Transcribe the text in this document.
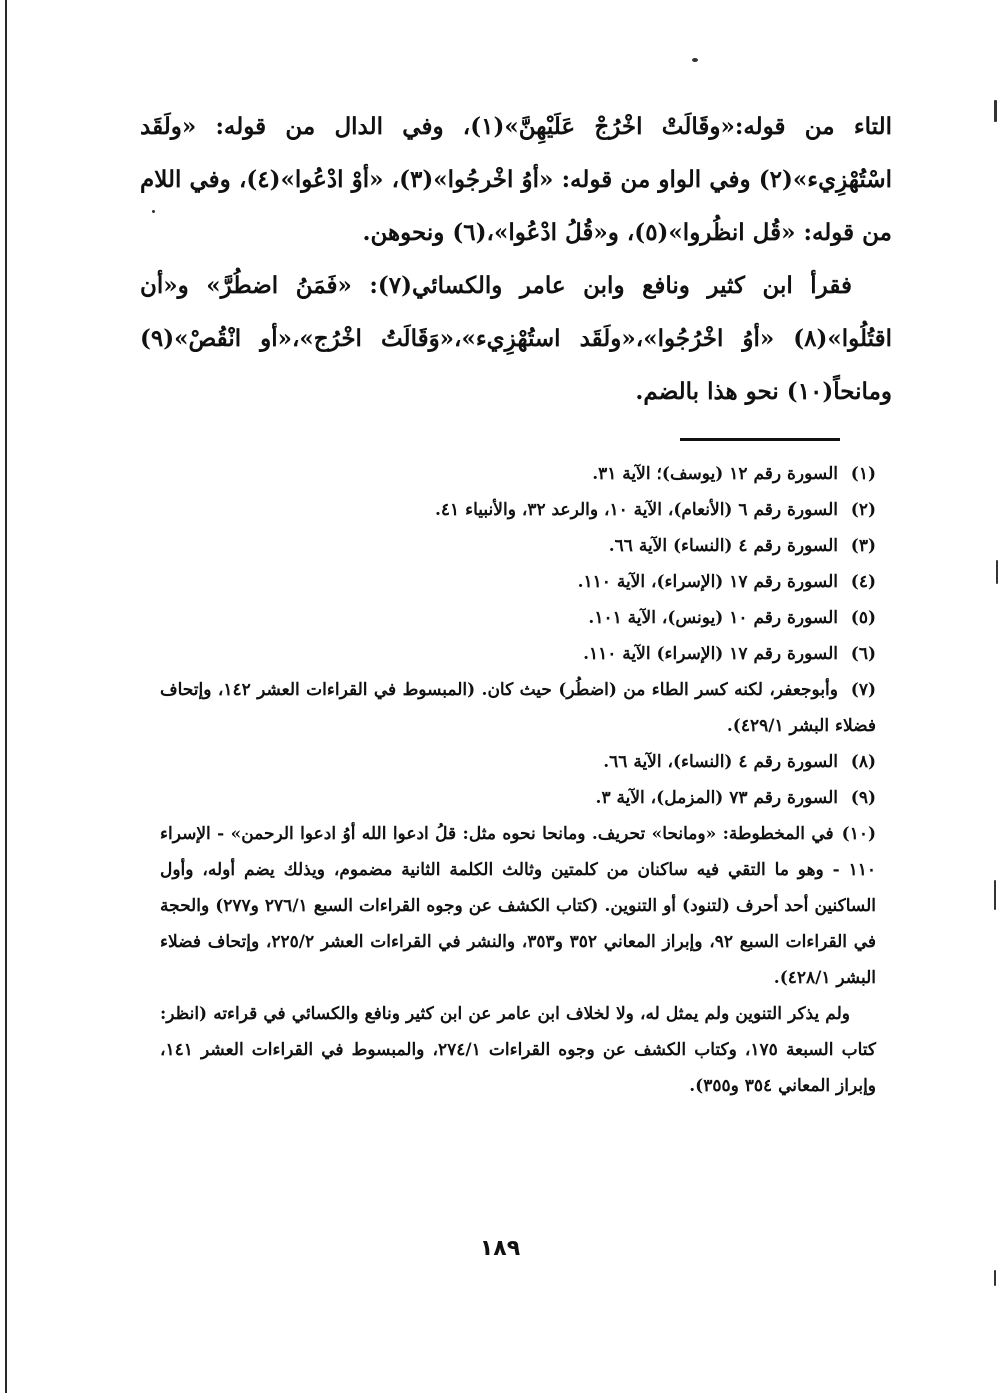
التاء من قوله:«وقَالَتْ اخْرُجْ عَلَيْهِنَّ»(١)، وفي الدال من قوله: «ولَقَد اسْتُهْزِيء»(٢) وفي الواو من قوله: «أوُ اخْرجُوا»(٣)، «أوْ ادْعُوا»(٤)، وفي اللام من قوله: «قُل انظُروا»(٥)، و«قُلُ ادْعُوا»،(٦) ونحوهن.

فقرأ ابن كثير ونافع وابن عامر والكسائي(٧): «فَمَنُ اضطُرَّ» و«أن اقتُلُوا»(٨) «أوُ اخْرُجُوا»،«ولَقَد استُهْزِيء»،«وَقَالَتُ اخْرُج»،«أو انْقُصْ»(٩) ومانحاً(١٠) نحو هذا بالضم.

(١)السورة رقم ١٢ (يوسف)؛ الآية ٣١.

(٢)السورة رقم ٦ (الأنعام)، الآية ١٠، والرعد ٣٢، والأنبياء ٤١.

(٣)السورة رقم ٤ (النساء) الآية ٦٦.

(٤)السورة رقم ١٧ (الإسراء)، الآية ١١٠.

(٥)السورة رقم ١٠ (يونس)، الآية ١٠١.

(٦)السورة رقم ١٧ (الإسراء) الآية ١١٠.

(٧)وأبوجعفر، لكنه كسر الطاء من (اضطُر) حيث كان. (المبسوط في القراءات العشر ١٤٢، وإتحاف فضلاء البشر ٤٢٩/١).

(٨)السورة رقم ٤ (النساء)، الآية ٦٦.

(٩)السورة رقم ٧٣ (المزمل)، الآية ٣.

(١٠)في المخطوطة: «ومانحا» تحريف. ومانحا نحوه مثل: قلُ ادعوا الله أوُ ادعوا الرحمن» - الإسراء ١١٠ - وهو ما التقي فيه ساكنان من كلمتين وثالث الكلمة الثانية مضموم، ويذلك يضم أوله، وأول الساكنين أحد أحرف (لتنود) أو التنوين. (كتاب الكشف عن وجوه القراءات السبع ٢٧٦/١ و٢٧٧) والحجة في القراءات السبع ٩٢، وإبراز المعاني ٣٥٢ و٣٥٣، والنشر في القراءات العشر ٢٢٥/٢، وإتحاف فضلاء البشر ٤٢٨/١).

ولم يذكر التنوين ولم يمثل له، ولا لخلاف ابن عامر عن ابن كثير ونافع والكسائي في قراءته (انظر: كتاب السبعة ١٧٥، وكتاب الكشف عن وجوه القراءات ٢٧٤/١، والمبسوط في القراءات العشر ١٤١، وإبراز المعاني ٣٥٤ و٣٥٥).

١٨٩
